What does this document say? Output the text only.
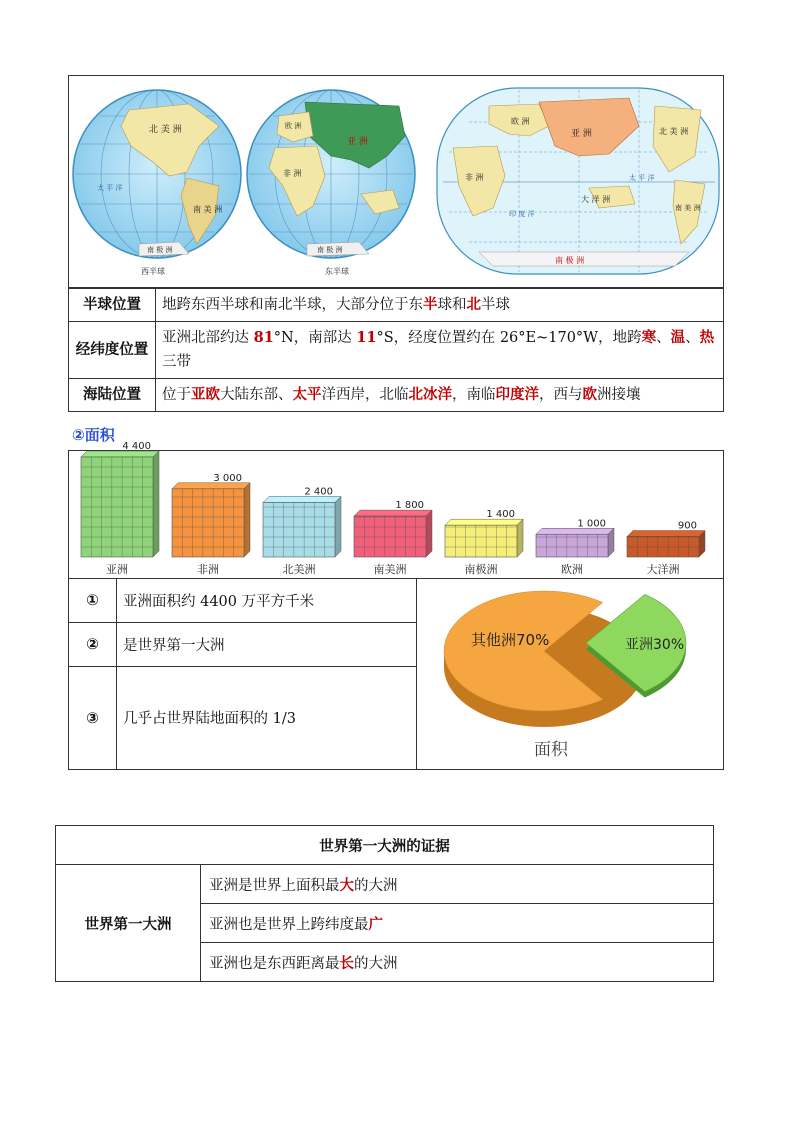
北 美 洲
南 美 洲
南 极 洲
太 平 洋
西半球
亚 洲
欧 洲
非 洲
南 极 洲
东半球
欧 洲
亚 洲
非 洲
大 洋 洲
北 美 洲
南 美 洲
南 极 洲
印 度 洋
太 平 洋
半球位置	地跨东西半球和南北半球，大部分位于东半球和北半球
经纬度位置	亚洲北部约达 81°N，南部达 11°S，经度位置约在 26°E~170°W，地跨寒、温、热三带
海陆位置	位于亚欧大陆东部、太平洋西岸，北临北冰洋，南临印度洋，西与欧洲接壤
②面积
4 400
亚洲
3 000
非洲
2 400
北美洲
1 800
南美洲
1 400
南极洲
1 000
欧洲
900
大洋洲
①	亚洲面积约 4400 万平方千米
②	是世界第一大洲
③	几乎占世界陆地面积的 1/3
其他洲70%	亚洲30%
面积
世界第一大洲的证据
世界第一大洲	亚洲是世界上面积最大的大洲
亚洲也是世界上跨纬度最广
亚洲也是东西距离最长的大洲
